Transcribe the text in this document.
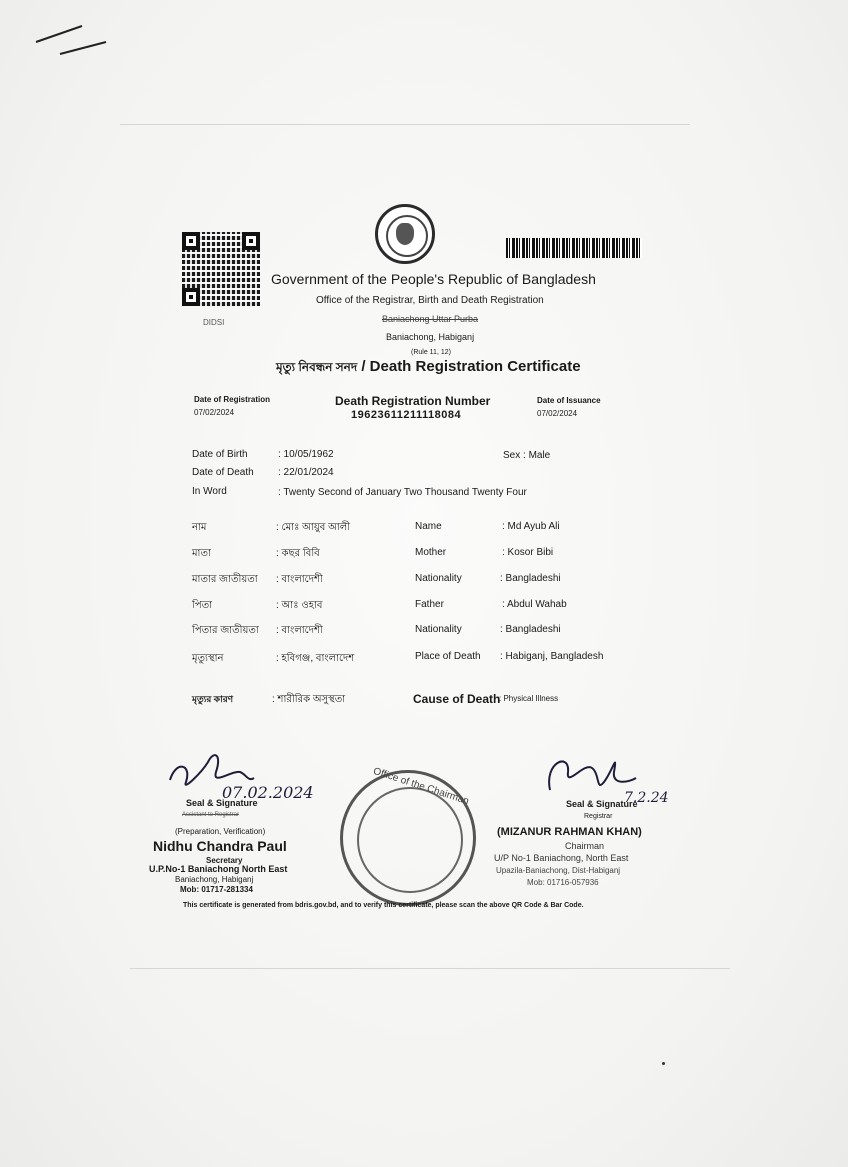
DIDSI
Government of the People's Republic of Bangladesh
Office of the Registrar, Birth and Death Registration
Baniachong Uttar Purba
Baniachong, Habiganj
(Rule 11, 12)
মৃত্যু নিবন্ধন সনদ / Death Registration Certificate
Date of Registration
07/02/2024
Death Registration Number
19623611211118084
Date of Issuance
07/02/2024
Date of Birth	: 10/05/1962	Sex : Male
Date of Death : 22/01/2024
In Word	: Twenty Second of January Two Thousand Twenty Four
নাম	: মোঃ আয়ুব আলী	Name	: Md Ayub Ali
মাতা	: কছর বিবি	Mother	: Kosor Bibi
মাতার জাতীয়তা : বাংলাদেশী	Nationality	: Bangladeshi
পিতা	: আঃ ওহাব	Father	: Abdul Wahab
পিতার জাতীয়তা : বাংলাদেশী	Nationality	: Bangladeshi
মৃত্যুস্থান	: হবিগঞ্জ, বাংলাদেশ	Place of Death : Habiganj, Bangladesh
মৃত্যুর কারণ	: শারীরিক অসুস্থতা	Cause of Death
: Physical Illness
07.02.2024
Seal & Signature
Assistant to Registrar
(Preparation, Verification)
Nidhu Chandra Paul
Secretary
U.P.No-1 Baniachong North East
Baniachong, Habiganj
Mob: 01717-281334
Office of the Chairman	7.2.24
Seal & Signature
Registrar
(MIZANUR RAHMAN KHAN)
Chairman
U/P No-1 Baniachong, North East
Upazila-Baniachong, Dist-Habiganj
Mob: 01716-057936
This certificate is generated from bdris.gov.bd, and to verify this certificate, please scan the above QR Code & Bar Code.
